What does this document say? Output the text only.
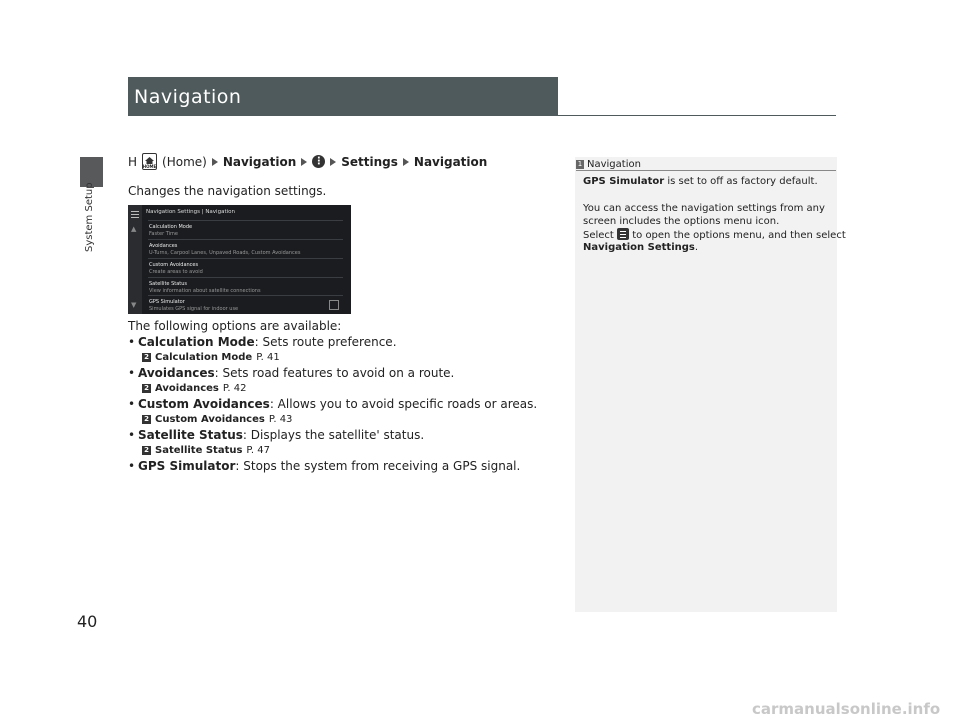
System Setup
40
Navigation
H HOME (Home) Navigation ⋮ Settings Navigation
Changes the navigation settings.
▲
▼
Navigation Settings | Navigation
Calculation Mode
Faster Time
Avoidances
U-Turns, Carpool Lanes, Unpaved Roads, Custom Avoidances
Custom Avoidances
Create areas to avoid
Satellite Status
View information about satellite connections
GPS Simulator
Simulates GPS signal for indoor use
The following options are available:
• Calculation Mode: Sets route preference.
2 Calculation Mode P. 41
• Avoidances: Sets road features to avoid on a route.
2 Avoidances P. 42
• Custom Avoidances: Allows you to avoid specific roads or areas.
2 Custom Avoidances P. 43
• Satellite Status: Displays the satellite' status.
2 Satellite Status P. 47
• GPS Simulator: Stops the system from receiving a GPS signal.
1 Navigation
GPS Simulator is set to off as factory default.
You can access the navigation settings from any
screen includes the options menu icon.
Select
to open the options menu, and then select
Navigation Settings.
carmanualsonline.info
